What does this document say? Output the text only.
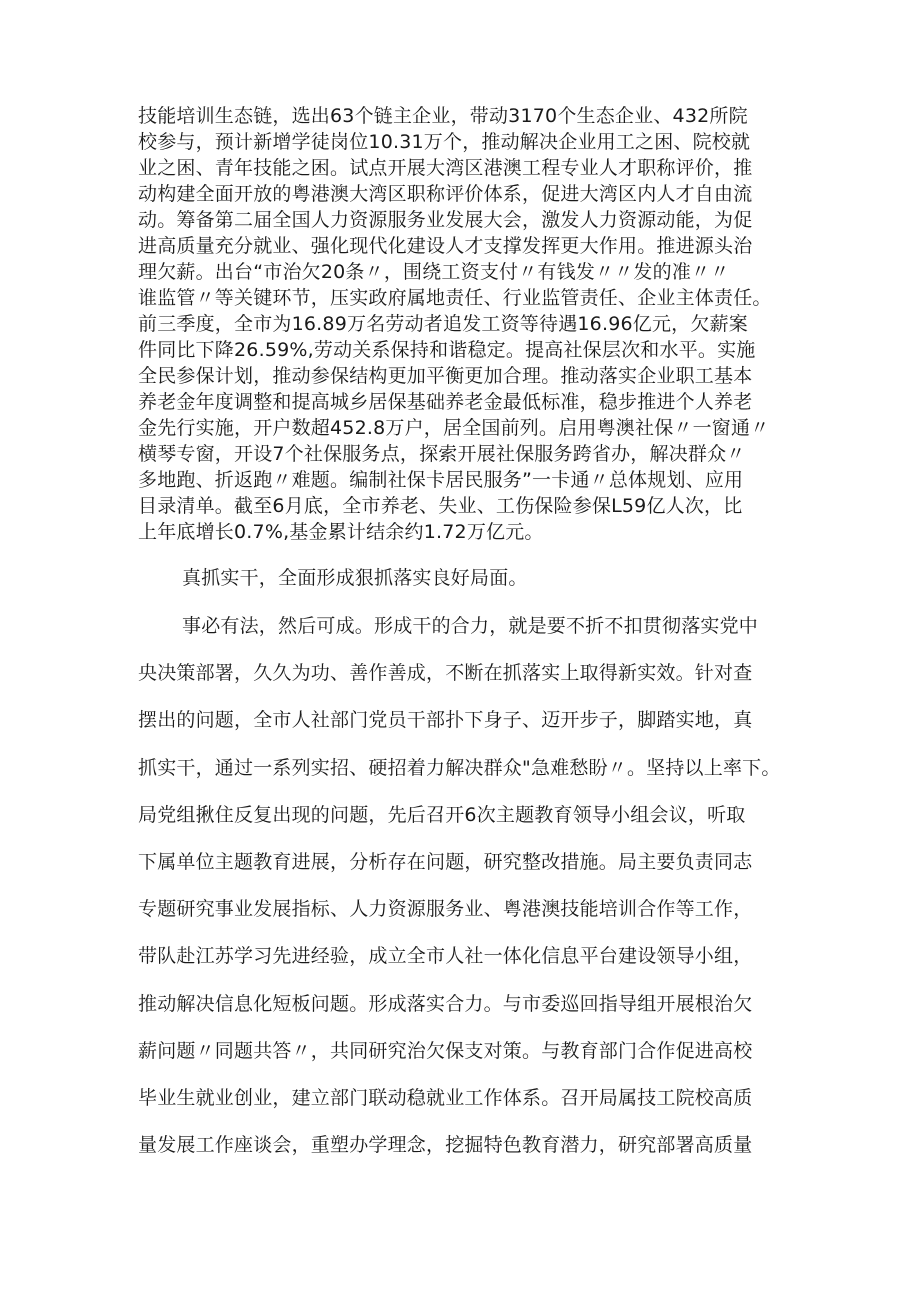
技能培训生态链，选出63个链主企业，带动3170个生态企业、432所院
校参与，预计新增学徒岗位10.31万个，推动解决企业用工之困、院校就
业之困、青年技能之困。试点开展大湾区港澳工程专业人才职称评价，推
动构建全面开放的粤港澳大湾区职称评价体系，促进大湾区内人才自由流
动。筹备第二届全国人力资源服务业发展大会，激发人力资源动能，为促
进高质量充分就业、强化现代化建设人才支撑发挥更大作用。推进源头治
理欠薪。出台“市治欠20条〃，围绕工资支付〃有钱发〃〃发的准〃〃
谁监管〃等关键环节，压实政府属地责任、行业监管责任、企业主体责任。
前三季度，全市为16.89万名劳动者追发工资等待遇16.96亿元，欠薪案
件同比下降26.59%,劳动关系保持和谐稳定。提高社保层次和水平。实施
全民参保计划，推动参保结构更加平衡更加合理。推动落实企业职工基本
养老金年度调整和提高城乡居保基础养老金最低标准，稳步推进个人养老
金先行实施，开户数超452.8万户，居全国前列。启用粤澳社保〃一窗通〃
横琴专窗，开设7个社保服务点，探索开展社保服务跨省办，解决群众〃
多地跑、折返跑〃难题。编制社保卡居民服务”一卡通〃总体规划、应用
目录清单。截至6月底，全市养老、失业、工伤保险参保L59亿人次，比
上年底增长0.7%,基金累计结余约1.72万亿元。
真抓实干，全面形成狠抓落实良好局面。
事必有法，然后可成。形成干的合力，就是要不折不扣贯彻落实党中
央决策部署，久久为功、善作善成，不断在抓落实上取得新实效。针对查
摆出的问题，全市人社部门党员干部扑下身子、迈开步子，脚踏实地，真
抓实干，通过一系列实招、硬招着力解决群众"急难愁盼〃。坚持以上率下。
局党组揪住反复出现的问题，先后召开6次主题教育领导小组会议，听取
下属单位主题教育进展，分析存在问题，研究整改措施。局主要负责同志
专题研究事业发展指标、人力资源服务业、粤港澳技能培训合作等工作，
带队赴江苏学习先进经验，成立全市人社一体化信息平台建设领导小组，
推动解决信息化短板问题。形成落实合力。与市委巡回指导组开展根治欠
薪问题〃同题共答〃，共同研究治欠保支对策。与教育部门合作促进高校
毕业生就业创业，建立部门联动稳就业工作体系。召开局属技工院校高质
量发展工作座谈会，重塑办学理念，挖掘特色教育潜力，研究部署高质量
